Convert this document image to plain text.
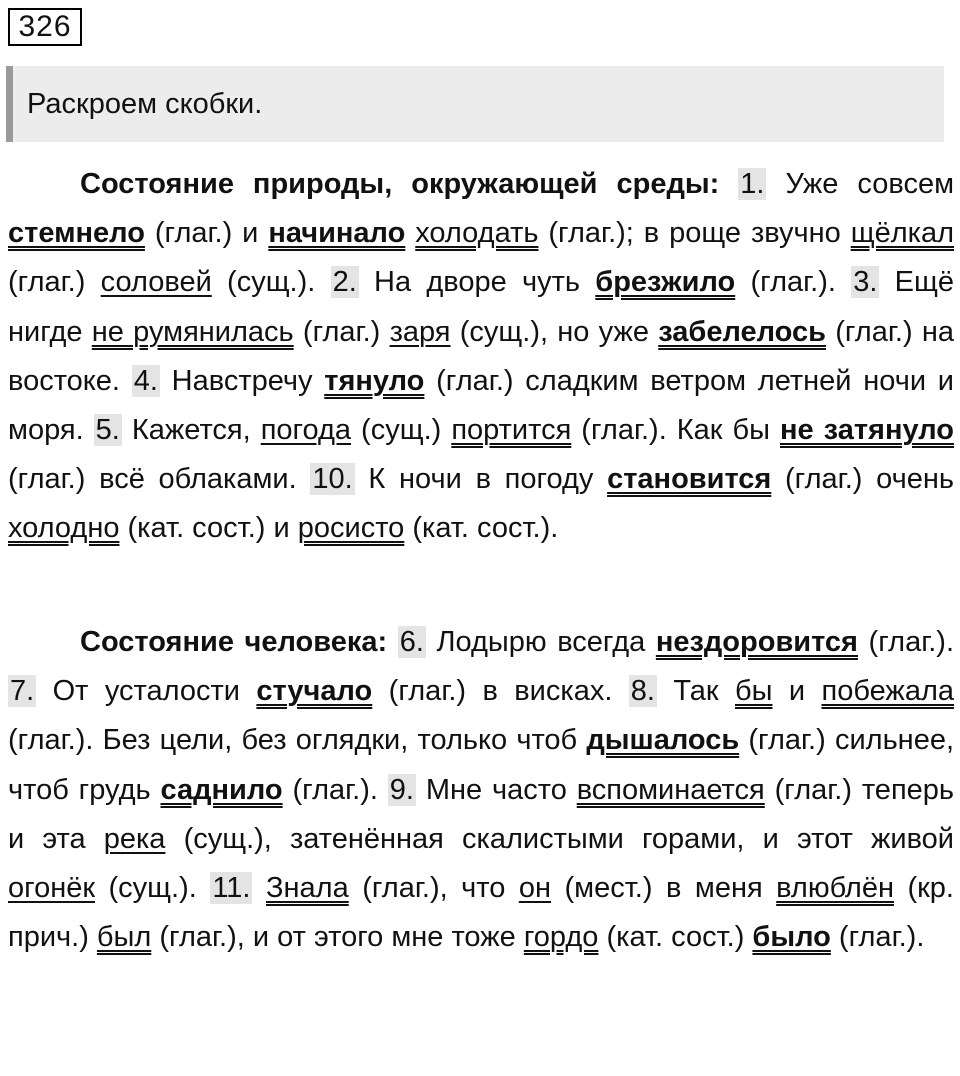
326
Раскроем скобки.

Состояние природы, окружающей среды: 1. Уже совсем стемнело (глаг.) и начинало холодать (глаг.); в роще звучно щёлкал (глаг.) соловей (сущ.). 2. На дворе чуть брезжило (глаг.). 3. Ещё нигде не румянилась (глаг.) заря (сущ.), но уже забелелось (глаг.) на востоке. 4. Навстречу тянуло (глаг.) сладким ветром летней ночи и моря. 5. Кажется, погода (сущ.) портится (глаг.). Как бы не затянуло (глаг.) всё облаками. 10. К ночи в погоду становится (глаг.) очень холодно (кат. сост.) и росисто (кат. сост.).

Состояние человека: 6. Лодырю всегда нездоровится (глаг.). 7. От усталости стучало (глаг.) в висках. 8. Так бы и побежала (глаг.). Без цели, без оглядки, только чтоб дышалось (глаг.) сильнее, чтоб грудь саднило (глаг.). 9. Мне часто вспоминается (глаг.) теперь и эта река (сущ.), затенённая скалистыми горами, и этот живой огонёк (сущ.). 11. Знала (глаг.), что он (мест.) в меня влюблён (кр. прич.) был (глаг.), и от этого мне тоже гордо (кат. сост.) было (глаг.).
